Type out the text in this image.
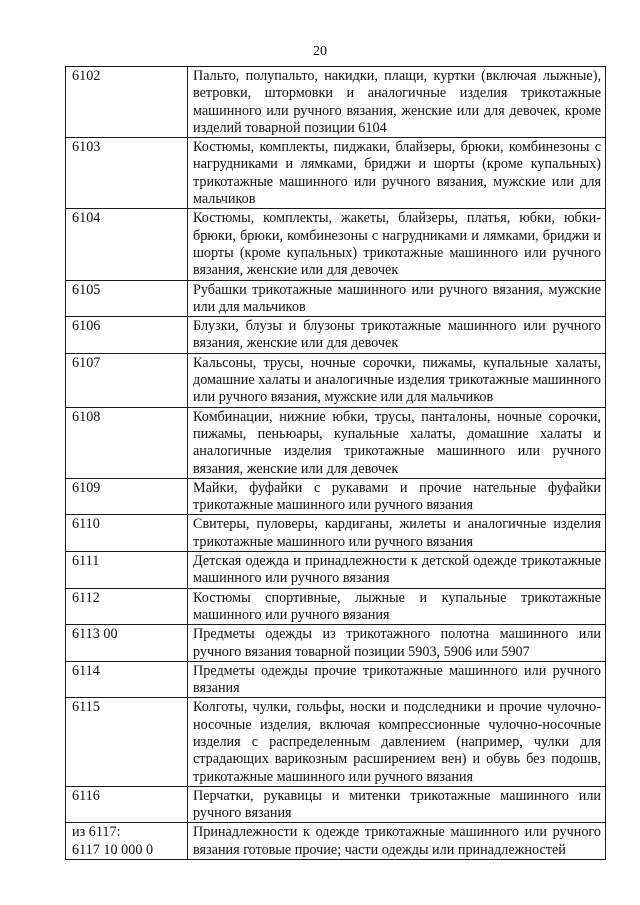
20
6102	Пальто, полупальто, накидки, плащи, куртки (включая лыжные), ветровки, штормовки и аналогичные изделия трикотажные машинного или ручного вязания, женские или для девочек, кроме изделий товарной позиции 6104
6103	Костюмы, комплекты, пиджаки, блайзеры, брюки, комбинезоны с нагрудниками и лямками, бриджи и шорты (кроме купальных) трикотажные машинного или ручного вязания, мужские или для мальчиков
6104	Костюмы, комплекты, жакеты, блайзеры, платья, юбки, юбки-брюки, брюки, комбинезоны с нагрудниками и лямками, бриджи и шорты (кроме купальных) трикотажные машинного или ручного вязания, женские или для девочек
6105	Рубашки трикотажные машинного или ручного вязания, мужские или для мальчиков
6106	Блузки, блузы и блузоны трикотажные машинного или ручного вязания, женские или для девочек
6107	Кальсоны, трусы, ночные сорочки, пижамы, купальные халаты, домашние халаты и аналогичные изделия трикотажные машинного или ручного вязания, мужские или для мальчиков
6108	Комбинации, нижние юбки, трусы, панталоны, ночные сорочки, пижамы, пеньюары, купальные халаты, домашние халаты и аналогичные изделия трикотажные машинного или ручного вязания, женские или для девочек
6109	Майки, фуфайки с рукавами и прочие нательные фуфайки трикотажные машинного или ручного вязания
6110	Свитеры, пуловеры, кардиганы, жилеты и аналогичные изделия трикотажные машинного или ручного вязания
6111	Детская одежда и принадлежности к детской одежде трикотажные машинного или ручного вязания
6112	Костюмы спортивные, лыжные и купальные трикотажные машинного или ручного вязания
6113 00	Предметы одежды из трикотажного полотна машинного или ручного вязания товарной позиции 5903, 5906 или 5907
6114	Предметы одежды прочие трикотажные машинного или ручного вязания
6115	Колготы, чулки, гольфы, носки и подследники и прочие чулочно-носочные изделия, включая компрессионные чулочно-носочные изделия с распределенным давлением (например, чулки для страдающих варикозным расширением вен) и обувь без подошв, трикотажные машинного или ручного вязания
6116	Перчатки, рукавицы и митенки трикотажные машинного или ручного вязания

из 6117:
6117 10 000 0	Принадлежности к одежде трикотажные машинного или ручного вязания готовые прочие; части одежды или принадлежностей
